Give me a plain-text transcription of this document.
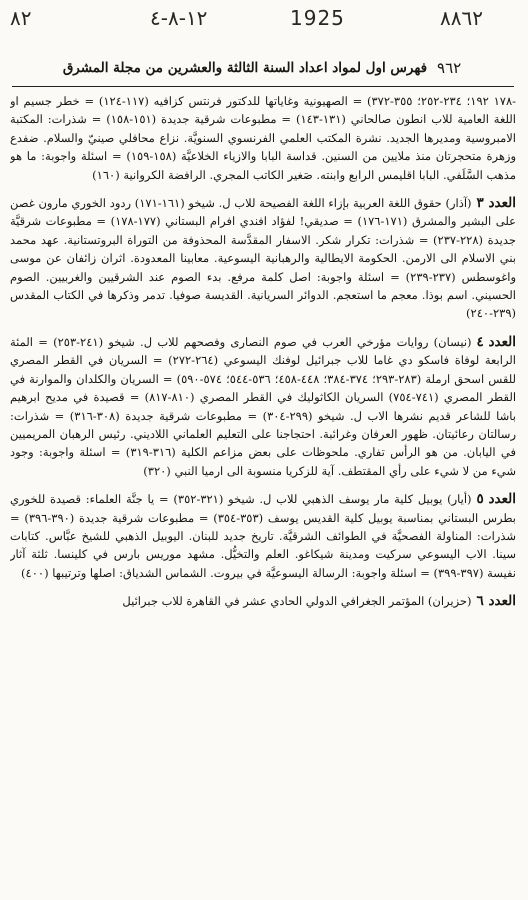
٨٢	١٢-٨-٤	1925	٨٨٦٢
٩٦٢
فهرس اول لمواد اعداد السنة الثالثة والعشرين من مجلة المشرق

-١٧٨ ١٩٢؛ ٢٣٤-٢٥٢؛ ٣٥٥-٣٧٢) = الصهيونية وغاياتها للدكتور فرنتس كزافيه (١١٧-١٢٤) = خطر جسيم او اللغة العامية للاب انطون صالحاني (١٣١-١٤٣) = مطبوعات شرقية جديدة (١٥١-١٥٨) = شذرات: المكتبة الامبروسية ومديرها الجديد. نشرة المكتب العلمي الفرنسوي السنويَّة. نزاع محافلي صينيّ والسلام. ضفدع وزهرة متحجرتان منذ ملايين من السنين. قداسة البابا والازياء الخلاعيَّة (١٥٨-١٥٩) = اسئلة واجوبة: ما هو مذهب السَّلَفي. البابا اقليمس الرابع وابنته. صَغير الكاتب المجري. الرافضة الكروانية (١٦٠)

العدد ٣(آذار) حقوق اللغة العربية بإزاء اللغة الفصيحة للاب ل. شيخو (١٦١-١٧١) ردود الخوري مارون غصن على البشير والمشرق (١٧١-١٧٦) = صديقي! لفؤاد افندي افرام البستاني (١٧٧-١٧٨) = مطبوعات شرقيَّة جديدة (٢٢٨-٢٣٧) = شذرات: تكرار شكر. الاسفار المقدَّسة المحذوفة من التوراة البروتستانية. عهد محمد بني الاسلام الى الارمن. الحكومة الايطالية والرهبانية اليسوعية. معابينا المعدودة. اثران زائفان عن موسى واغوسطس (٢٣٧-٢٣٩) = اسئلة واجوبة: اصل كلمة مرفع. بدء الصوم عند الشرقيين والغربيين. الصوم الحسيني. اسم بوذا. معجم ما استعجم. الدوائر السريانية. القديسة صوفيا. تدمر وذكرها في الكتاب المقدس (٢٣٩-٢٤٠)

العدد ٤(نيسان) روايات مؤرخي العرب في صوم النصارى وفصحهم للاب ل. شيخو (٢٤١-٢٥٣) = المئة الرابعة لوفاة فاسكو دي غاما للاب جبرائيل لوفنك اليسوعي (٢٦٤-٢٧٢) = السريان في القطر المصري للقس اسحق ارملة (٢٨٣-٢٩٣؛ ٣٧٤-٣٨٤؛ ٤٤٨-٤٥٨؛ ٥٣٦-٥٤٤؛ ٥٧٤-٥٩٠) = السريان والكلدان والموارنة في القطر المصري (٧٤١-٧٥٤) السريان الكاثوليك في القطر المصري (٨١٠-٨١٧) = قصيدة في مديح ابرهيم باشا للشاعر قديم نشرها الاب ل. شيخو (٢٩٩-٣٠٤) = مطبوعات شرقية جديدة (٣٠٨-٣١٦) = شذرات: رسالتان رعائيتان. ظهور العرفان وغرائبة. احتجاجنا على التعليم العلماني اللاديني. رئيس الرهبان المريميين في اليابان. من هو الرأس تفاري. ملحوظات على بعض مزاعم الكلية (٣١٦-٣١٩) = اسئلة واجوبة: وجود شيء من لا شيء على رأي المقتطف. آية للزكريا منسوبة الى ارميا النبي (٣٢٠)

العدد ٥(أيار) يوبيل كلية مار يوسف الذهبي للاب ل. شيخو (٣٢١-٣٥٢) = يا جنَّة العلماء: قصيدة للخوري بطرس البستاني بمناسبة يوبيل كلية القديس يوسف (٣٥٣-٣٥٤) = مطبوعات شرقية جديدة (٣٩٠-٣٩٦) = شذرات: المناولة الفصحيَّة في الطوائف الشرقيَّة. تاريخ جديد للبنان. اليوبيل الذهبي للشيخ عبَّاس. كتابات سينا. الاب اليسوعي سركيت ومدينة شيكاغو. العلم والتخيُّل. مشهد موريس بارس في كلينسا. ثلثة آثار نفيسة (٣٩٧-٣٩٩) = اسئلة واجوبة: الرسالة اليسوعيَّة في بيروت. الشماس الشدياق: اصلها وترتيبها (٤٠٠)

العدد ٦(حزيران) المؤتمر الجغرافي الدولي الحادي عشر في القاهرة للاب جبرائيل
